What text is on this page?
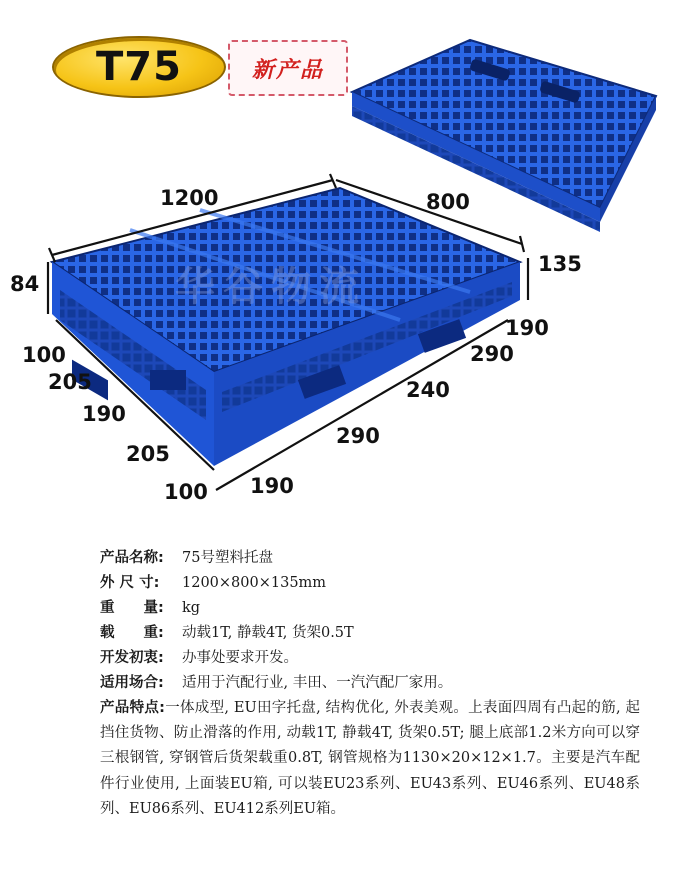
T75	新产品
华谷物流
1200	800
135
84
100
205
190
205
100 190
290
240
290
190
产品名称:	75号塑料托盘
外 尺 寸:	1200×800×135mm
重　　量:	kg
载　　重:	动载1T, 静载4T, 货架0.5T
开发初衷:	办事处要求开发。
适用场合:	适用于汽配行业, 丰田、一汽汽配厂家用。
产品特点:一体成型, EU田字托盘, 结构优化, 外表美观。上表面四周有凸起的筋, 起挡住货物、防止滑落的作用, 动载1T, 静载4T, 货架0.5T; 腿上底部1.2米方向可以穿三根钢管, 穿钢管后货架载重0.8T, 钢管规格为1130×20×12×1.7。主要是汽车配件行业使用, 上面装EU箱, 可以装EU23系列、EU43系列、EU46系列、EU48系列、EU86系列、EU412系列EU箱。
